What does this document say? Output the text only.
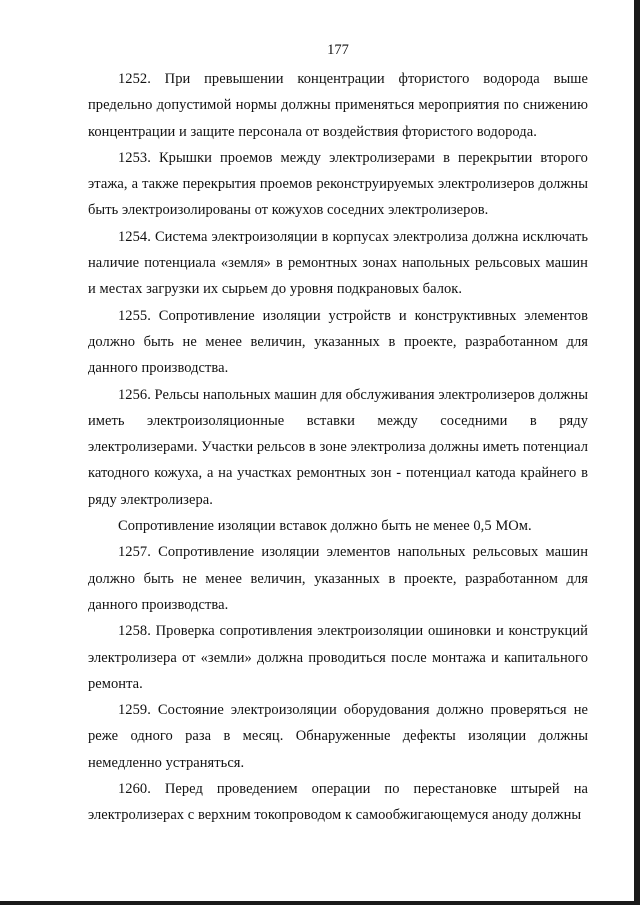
177

1252. При превышении концентрации фтористого водорода выше предельно допустимой нормы должны применяться мероприятия по снижению концентрации и защите персонала от воздействия фтористого водорода.

1253. Крышки проемов между электролизерами в перекрытии второго этажа, а также перекрытия проемов реконструируемых электролизеров должны быть электроизолированы от кожухов соседних электролизеров.

1254. Система электроизоляции в корпусах электролиза должна исключать наличие потенциала «земля» в ремонтных зонах напольных рельсовых машин и местах загрузки их сырьем до уровня подкрановых балок.

1255. Сопротивление изоляции устройств и конструктивных элементов должно быть не менее величин, указанных в проекте, разработанном для данного производства.

1256. Рельсы напольных машин для обслуживания электролизеров должны иметь электроизоляционные вставки между соседними в ряду электролизерами. Участки рельсов в зоне электролиза должны иметь потенциал катодного кожуха, а на участках ремонтных зон - потенциал катода крайнего в ряду электролизера.

Сопротивление изоляции вставок должно быть не менее 0,5 МОм.

1257. Сопротивление изоляции элементов напольных рельсовых машин должно быть не менее величин, указанных в проекте, разработанном для данного производства.

1258. Проверка сопротивления электроизоляции ошиновки и конструкций электролизера от «земли» должна проводиться после монтажа и капитального ремонта.

1259. Состояние электроизоляции оборудования должно проверяться не реже одного раза в месяц. Обнаруженные дефекты изоляции должны немедленно устраняться.

1260. Перед проведением операции по перестановке штырей на электролизерах с верхним токопроводом к самообжигающемуся аноду должны
